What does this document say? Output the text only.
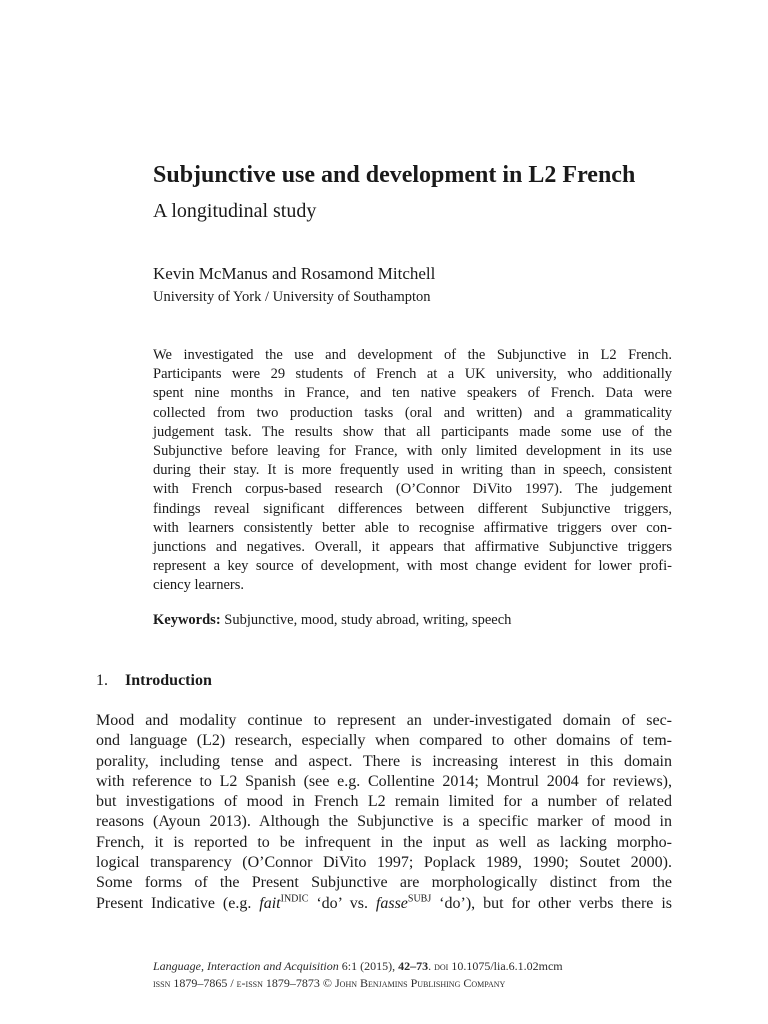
Subjunctive use and development in L2 French
A longitudinal study
Kevin McManus and Rosamond Mitchell
University of York / University of Southampton
We investigated the use and development of the Subjunctive in L2 French.
Participants were 29 students of French at a UK university, who additionally
spent nine months in France, and ten native speakers of French. Data were
collected from two production tasks (oral and written) and a grammaticality
judgement task. The results show that all participants made some use of the
Subjunctive before leaving for France, with only limited development in its use
during their stay. It is more frequently used in writing than in speech, consistent
with French corpus-based research (O’Connor DiVito 1997). The judgement
findings reveal significant differences between different Subjunctive triggers,
with learners consistently better able to recognise affirmative triggers over con-
junctions and negatives. Overall, it appears that affirmative Subjunctive triggers
represent a key source of development, with most change evident for lower profi-
ciency learners.
Keywords: Subjunctive, mood, study abroad, writing, speech
1. Introduction
Mood and modality continue to represent an under-investigated domain of sec-
ond language (L2) research, especially when compared to other domains of tem-
porality, including tense and aspect. There is increasing interest in this domain
with reference to L2 Spanish (see e.g. Collentine 2014; Montrul 2004 for reviews),
but investigations of mood in French L2 remain limited for a number of related
reasons (Ayoun 2013). Although the Subjunctive is a specific marker of mood in
French, it is reported to be infrequent in the input as well as lacking morpho-
logical transparency (O’Connor DiVito 1997; Poplack 1989, 1990; Soutet 2000).
Some forms of the Present Subjunctive are morphologically distinct from the
Present Indicative (e.g. fait$^{INDIC}$ ‘do’ vs. fasse$^{SUBJ}$ ‘do’), but for other verbs there is
Language, Interaction and Acquisition 6:1 (2015), 42–73. doi 10.1075/lia.6.1.02mcm
issn 1879–7865 / e-issn 1879–7873 © John Benjamins Publishing Company
